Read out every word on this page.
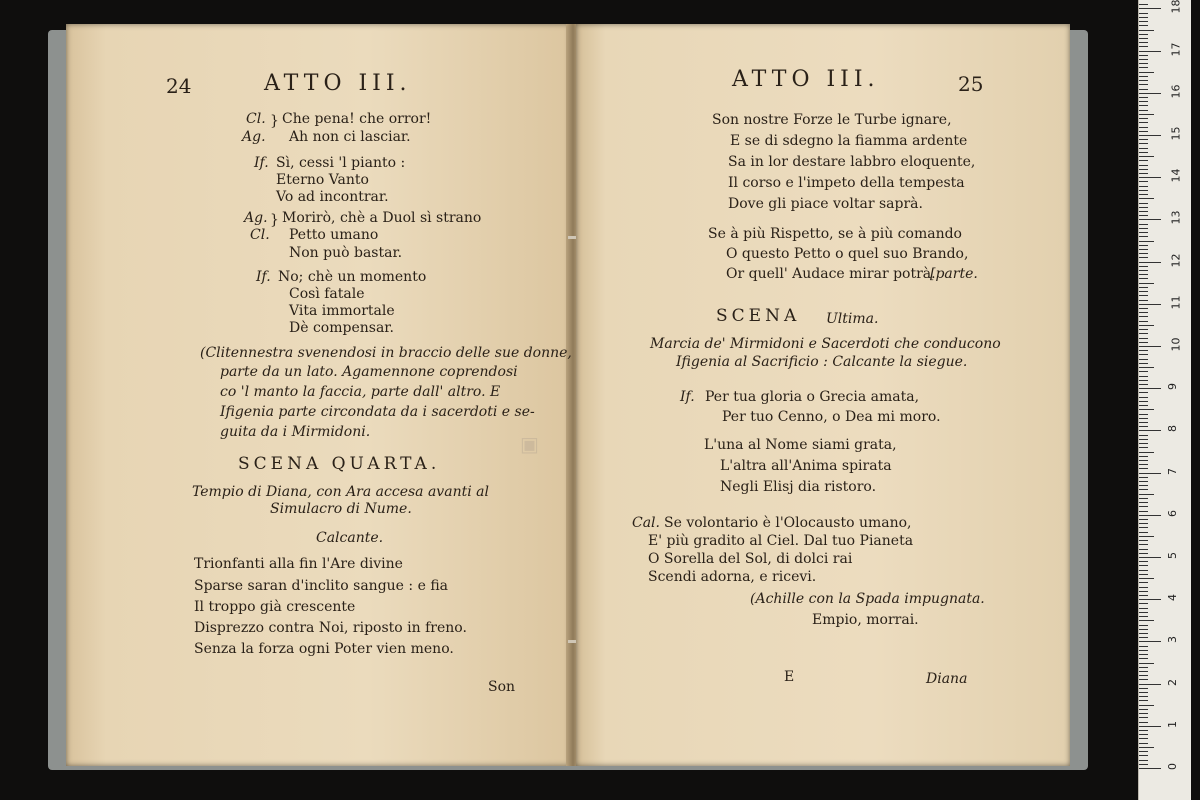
▣
24	ATTO III.
Cl.
Ag.
} Che pena! che orror!
Ah non ci lasciar.
If. Sì, cessi 'l pianto :
Eterno Vanto
Vo ad incontrar.
Ag.
Cl.
} Morirò, chè a Duol sì strano
Petto umano
Non può bastar.
If. No; chè un momento
Così fatale
Vita immortale
Dè compensar.
(Clitennestra svenendosi in braccio delle sue donne,
parte da un lato. Agamennone coprendosi
co 'l manto la faccia, parte dall' altro. E
Ifigenia parte circondata da i sacerdoti e se-
guita da i Mirmidoni.
SCENA QUARTA.
Tempio di Diana, con Ara accesa avanti al
Simulacro di Nume.
Calcante.
Trionfanti alla fin l'Are divine
Sparse saran d'inclito sangue : e fia
Il troppo già crescente
Disprezzo contra Noi, riposto in freno.
Senza la forza ogni Poter vien meno.
Son
ATTO III.	25
Son nostre Forze le Turbe ignare,
E se di sdegno la fiamma ardente
Sa in lor destare labbro eloquente,
Il corso e l'impeto della tempesta
Dove gli piace voltar saprà.
Se à più Rispetto, se à più comando
O questo Petto o quel suo Brando,
Or quell' Audace mirar potrà.
[parte.
SCENA Ultima.
Marcia de' Mirmidoni e Sacerdoti che conducono
Ifigenia al Sacrificio : Calcante la siegue.
If. Per tua gloria o Grecia amata,
Per tuo Cenno, o Dea mi moro.
L'una al Nome siami grata,
L'altra all'Anima spirata
Negli Elisj dia ristoro.
Cal. Se volontario è l'Olocausto umano,
E' più gradito al Ciel. Dal tuo Pianeta
O Sorella del Sol, di dolci rai
Scendi adorna, e ricevi.
(Achille con la Spada impugnata.
Empio, morrai.
E	Diana
0
1
2
3
4
5
6
7
8
9
10
11
12
13
14
15
16
17
18
